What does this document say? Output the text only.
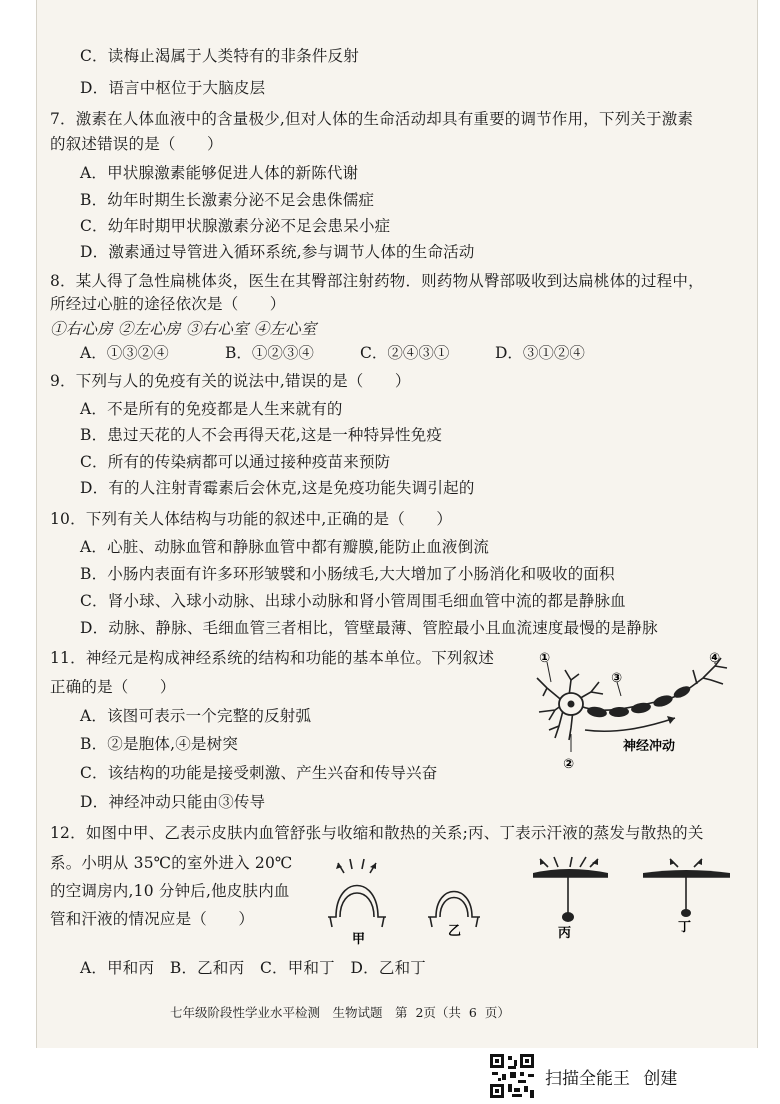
C．读梅止渴属于人类特有的非条件反射
D．语言中枢位于大脑皮层
7．激素在人体血液中的含量极少,但对人体的生命活动却具有重要的调节作用，下列关于激素
的叙述错误的是（　　）
A．甲状腺激素能够促进人体的新陈代谢
B．幼年时期生长激素分泌不足会患侏儒症
C．幼年时期甲状腺激素分泌不足会患呆小症
D．激素通过导管进入循环系统,参与调节人体的生命活动
8．某人得了急性扁桃体炎，医生在其臀部注射药物．则药物从臀部吸收到达扁桃体的过程中，
所经过心脏的途径依次是（　　）
①右心房 ②左心房 ③右心室 ④左心室
A．①③②④	B．①②③④	C．②④③①	D．③①②④
9．下列与人的免疫有关的说法中,错误的是（　　）
A．不是所有的免疫都是人生来就有的
B．患过天花的人不会再得天花,这是一种特异性免疫
C．所有的传染病都可以通过接种疫苗来预防
D．有的人注射青霉素后会休克,这是免疫功能失调引起的
10．下列有关人体结构与功能的叙述中,正确的是（　　）
A．心脏、动脉血管和静脉血管中都有瓣膜,能防止血液倒流
B．小肠内表面有许多环形皱襞和小肠绒毛,大大增加了小肠消化和吸收的面积
C．肾小球、入球小动脉、出球小动脉和肾小管周围毛细血管中流的都是静脉血
D．动脉、静脉、毛细血管三者相比，管壁最薄、管腔最小且血流速度最慢的是静脉
11．神经元是构成神经系统的结构和功能的基本单位。下列叙述
正确的是（　　）
A．该图可表示一个完整的反射弧
B．②是胞体,④是树突
C．该结构的功能是接受刺激、产生兴奋和传导兴奋
D．神经冲动只能由③传导
①
②
③
④
神经冲动
12．如图中甲、乙表示皮肤内血管舒张与收缩和散热的关系;丙、丁表示汗液的蒸发与散热的关
系。小明从 35℃的室外进入 20℃
的空调房内,10 分钟后,他皮肤内血
管和汗液的情况应是（　　）
甲
乙	丙	丁
A．甲和丙　B．乙和丙　C．甲和丁　D．乙和丁
七年级阶段性学业水平检测　生物试题　第 2页（共 6 页）
扫描全能王 创建
